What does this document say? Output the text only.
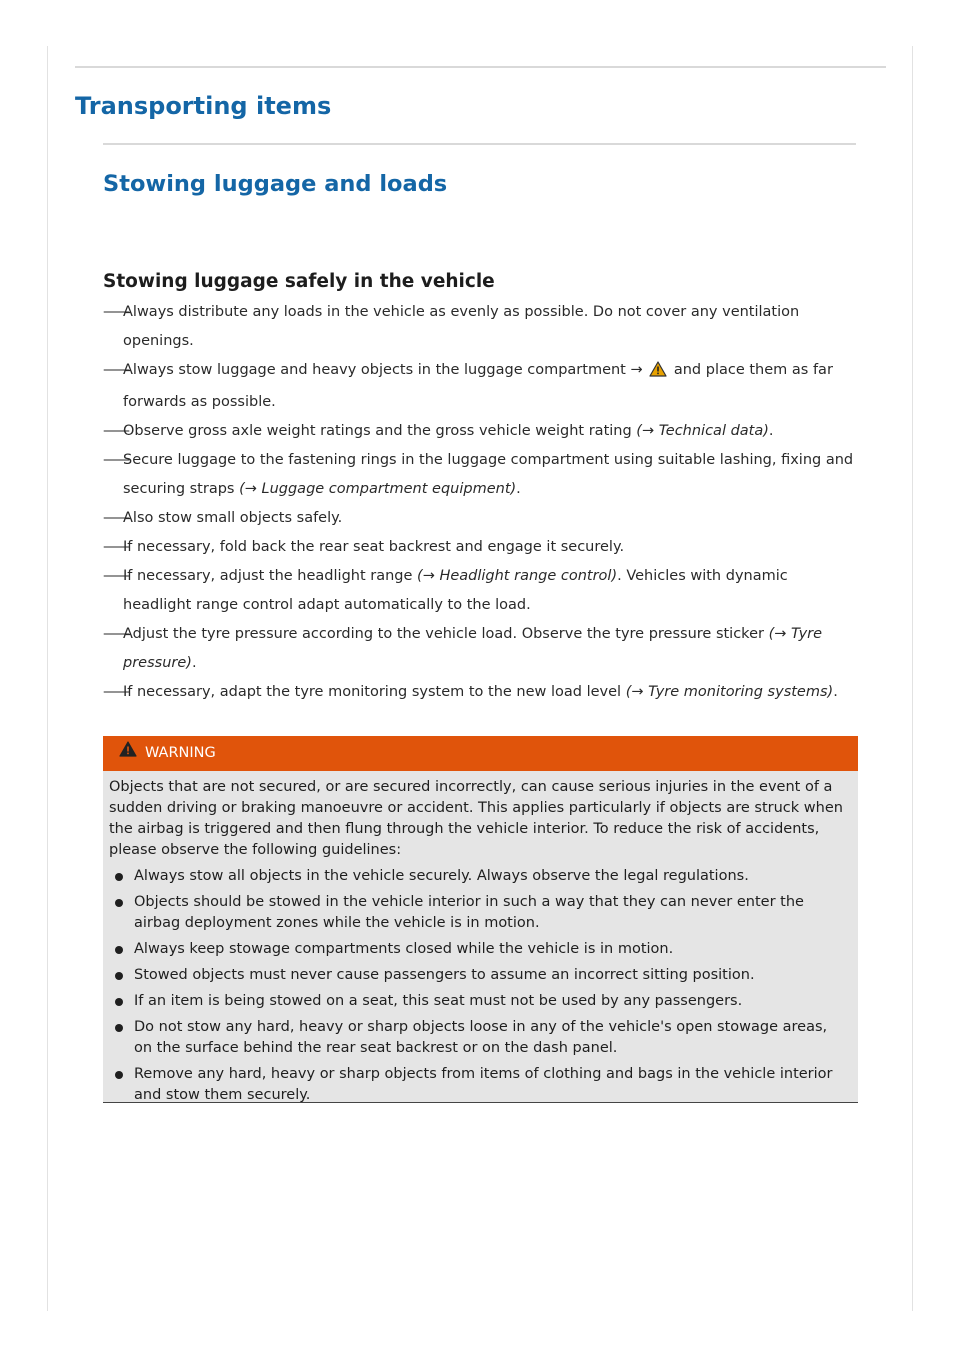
Transporting items
Stowing luggage and loads
Stowing luggage safely in the vehicle
——
Always distribute any loads in the vehicle as evenly as possible. Do not cover any ventilation openings.
——
Always stow luggage and heavy objects in the luggage compartment →  and place them as far forwards as possible.
——
Observe gross axle weight ratings and the gross vehicle weight rating (→ Technical data).
——
Secure luggage to the fastening rings in the luggage compartment using suitable lashing, fixing and securing straps (→ Luggage compartment equipment).
——
Also stow small objects safely.
——
If necessary, fold back the rear seat backrest and engage it securely.
——
If necessary, adjust the headlight range (→ Headlight range control). Vehicles with dynamic headlight range control adapt automatically to the load.
——
Adjust the tyre pressure according to the vehicle load. Observe the tyre pressure sticker (→ Tyre pressure).
——
If necessary, adapt the tyre monitoring system to the new load level (→ Tyre monitoring systems).
WARNING

Objects that are not secured, or are secured incorrectly, can cause serious injuries in the event of a sudden driving or braking manoeuvre or accident. This applies particularly if objects are struck when the airbag is triggered and then flung through the vehicle interior. To reduce the risk of accidents, please observe the following guidelines:

Always stow all objects in the vehicle securely. Always observe the legal regulations.
Objects should be stowed in the vehicle interior in such a way that they can never enter the airbag deployment zones while the vehicle is in motion.
Always keep stowage compartments closed while the vehicle is in motion.
Stowed objects must never cause passengers to assume an incorrect sitting position.
If an item is being stowed on a seat, this seat must not be used by any passengers.
Do not stow any hard, heavy or sharp objects loose in any of the vehicle's open stowage areas, on the surface behind the rear seat backrest or on the dash panel.
Remove any hard, heavy or sharp objects from items of clothing and bags in the vehicle interior and stow them securely.
